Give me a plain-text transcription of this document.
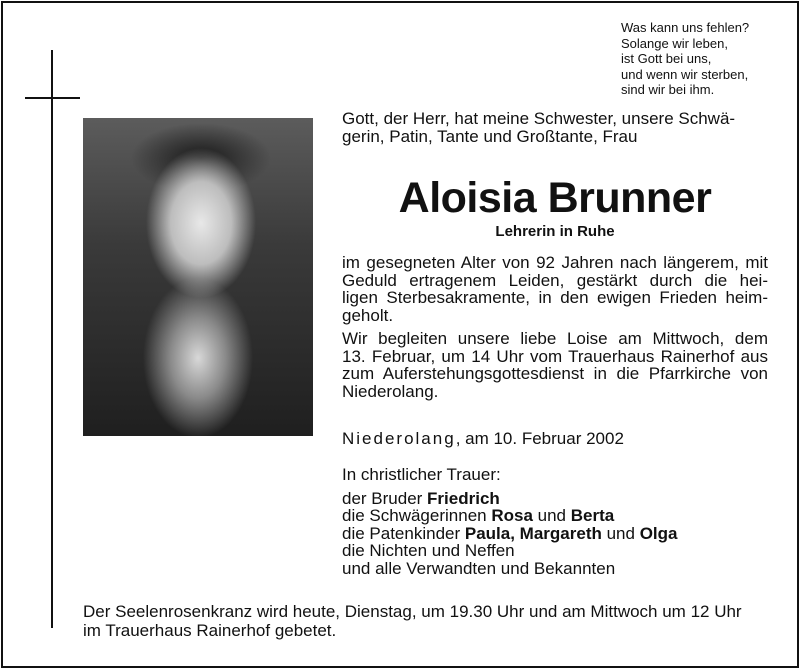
Was kann uns fehlen?
Solange wir leben,
ist Gott bei uns,
und wenn wir sterben,
sind wir bei ihm.
Gott, der Herr, hat meine Schwester, unsere Schwä-
gerin, Patin, Tante und Großtante, Frau
Aloisia Brunner
Lehrerin in Ruhe
im gesegneten Alter von 92 Jahren nach längerem, mit
Geduld ertragenem Leiden, gestärkt durch die hei-
ligen Sterbesakramente, in den ewigen Frieden heim-
geholt.
Wir begleiten unsere liebe Loise am Mittwoch, dem
13. Februar, um 14 Uhr vom Trauerhaus Rainerhof aus
zum Auferstehungsgottesdienst in die Pfarrkirche von
Niederolang.
Niederolang, am 10. Februar 2002
In christlicher Trauer:
der Bruder Friedrich
die Schwägerinnen Rosa und Berta
die Patenkinder Paula, Margareth und Olga
die Nichten und Neffen
und alle Verwandten und Bekannten
Der Seelenrosenkranz wird heute, Dienstag, um 19.30 Uhr und am Mittwoch um 12 Uhr
im Trauerhaus Rainerhof gebetet.
